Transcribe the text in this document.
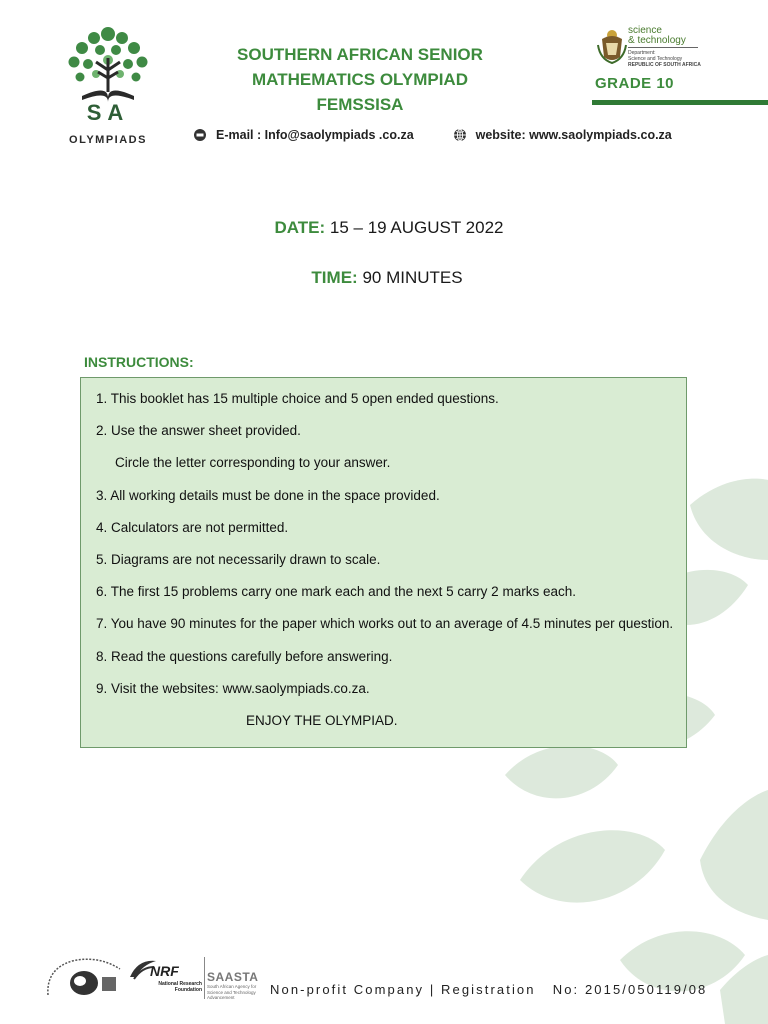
SA
OLYMPIADS
SOUTHERN AFRICAN SENIOR
MATHEMATICS OLYMPIAD
FEMSSISA
science
& technology
Department:
Science and Technology
REPUBLIC OF SOUTH AFRICA
GRADE 10
E-mail : Info@saolympiads .co.za
	website: www.saolympiads.co.za
DATE: 15 – 19 AUGUST 2022
TIME: 90 MINUTES
INSTRUCTIONS:
1. This booklet has 15 multiple choice and 5 open ended questions.
2. Use the answer sheet provided.
Circle the letter corresponding to your answer.
3. All working details must be done in the space provided.
4. Calculators are not permitted.
5. Diagrams are not necessarily drawn to scale.
6. The first 15 problems carry one mark each and the next 5 carry 2 marks each.
7. You have 90 minutes for the paper which works out to an average of 4.5 minutes per question.
8. Read the questions carefully before answering.
9. Visit the websites: www.saolympiads.co.za.
ENJOY THE OLYMPIAD.
NRF
National Research Foundation
SAASTA
South African Agency for Science and Technology Advancement
Non-profit Company | Registration   No: 2015/050119/08
